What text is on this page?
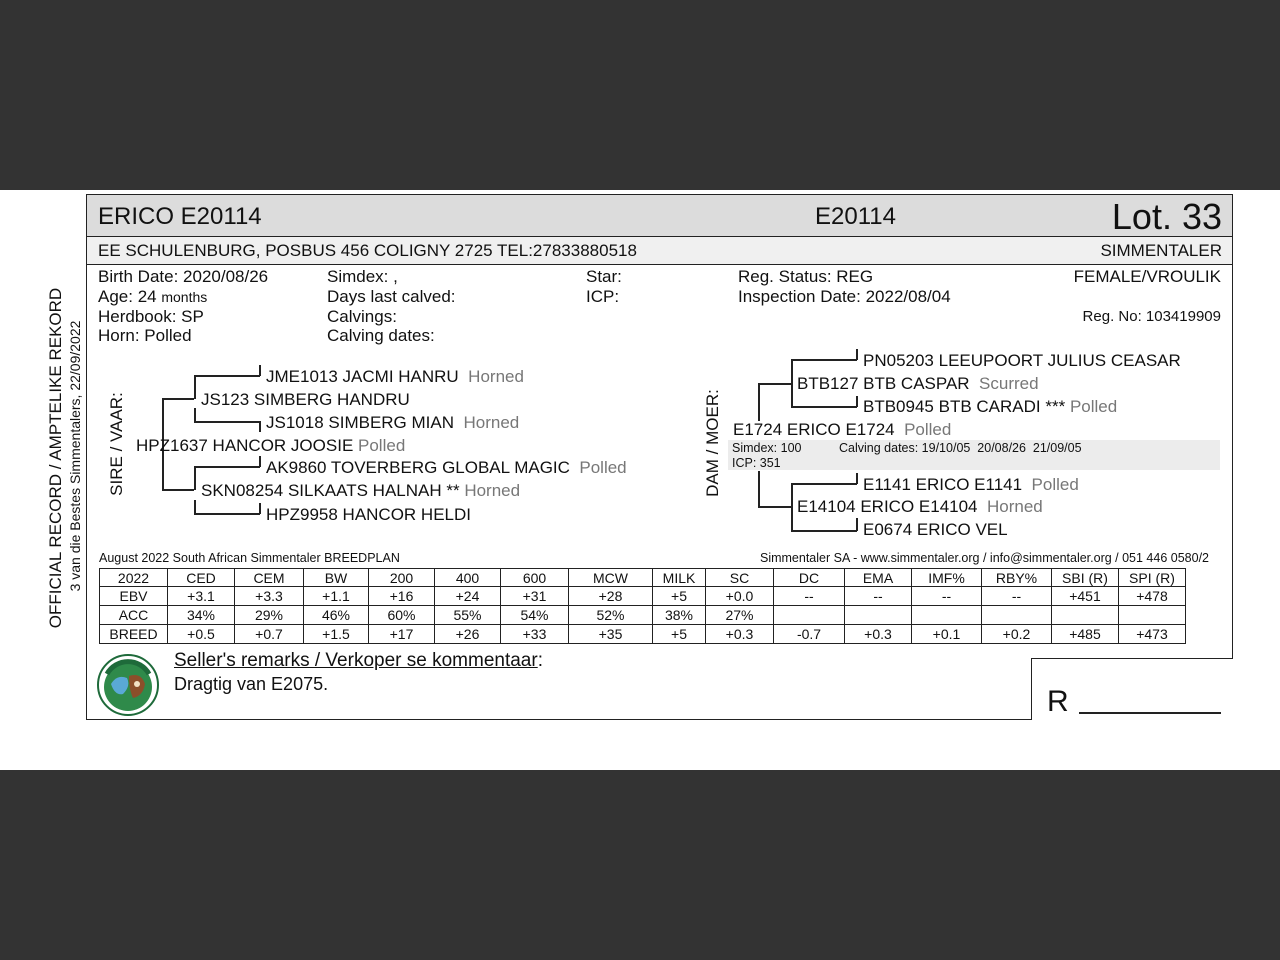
OFFICIAL RECORD / AMPTELIKE REKORD 3 van die Bestes Simmentalers, 22/09/2022
ERICO E20114	E20114	Lot. 33
EE SCHULENBURG, POSBUS 456 COLIGNY 2725 TEL:27833880518	SIMMENTALER
Birth Date: 2020/08/26
Age: 24 months
Herdbook: SP
Horn: Polled
Simdex: ,
Days last calved:
Calvings:
Calving dates:
Star:
ICP:
Reg. Status: REG
Inspection Date: 2022/08/04
FEMALE/VROULIK
Reg. No: 103419909
SIRE / VAAR:
JME1013 JACMI HANRU Horned
JS123 SIMBERG HANDRU
JS1018 SIMBERG MIAN Horned
HPZ1637 HANCOR JOOSIE Polled
AK9860 TOVERBERG GLOBAL MAGIC Polled
SKN08254 SILKAATS HALNAH ** Horned
HPZ9958 HANCOR HELDI
DAM / MOER:
PN05203 LEEUPOORT JULIUS CEASAR
BTB127 BTB CASPAR Scurred
BTB0945 BTB CARADI *** Polled
E1724 ERICO E1724 Polled
Simdex: 100	Calving dates: 19/10/05  20/08/26  21/09/05
ICP: 351
E1141 ERICO E1141 Polled
E14104 ERICO E14104 Horned
E0674 ERICO VEL
August 2022 South African Simmentaler BREEDPLAN	Simmentaler SA - www.simmentaler.org / info@simmentaler.org / 051 446 0580/2
2022	CED	CEM	BW	200	400	600	MCW	MILK	SC	DC	EMA	IMF%	RBY%	SBI (R)	SPI (R)
EBV	+3.1	+3.3	+1.1	+16	+24	+31	+28	+5	+0.0	--	--	--	--	+451	+478
ACC	34%	29%	46%	60%	55%	54%	52%	38%	27%						
BREED	+0.5	+0.7	+1.5	+17	+26	+33	+35	+5	+0.3	-0.7	+0.3	+0.1	+0.2	+485	+473
Seller's remarks / Verkoper se kommentaar:
Dragtig van E2075.
R
